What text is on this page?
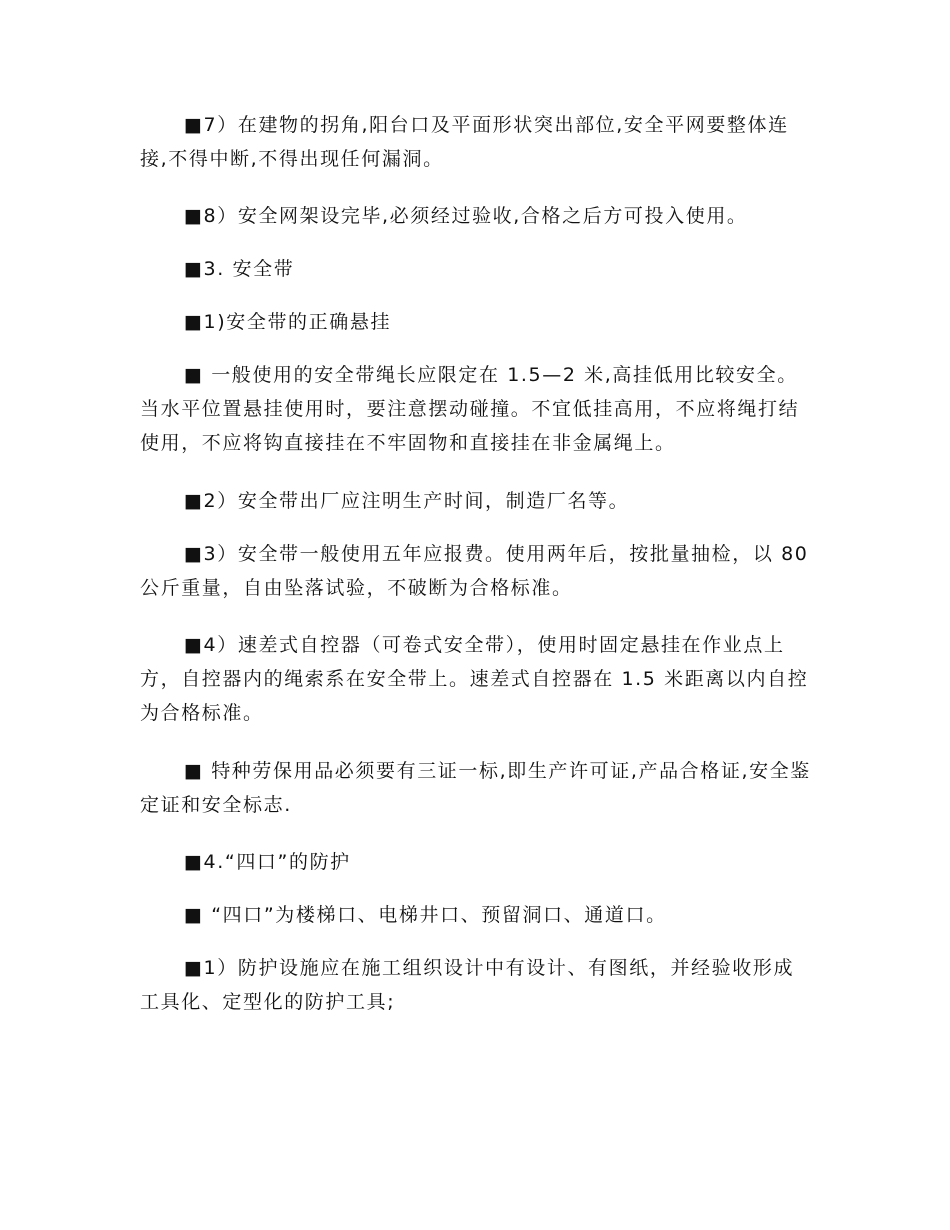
■7）在建物的拐角,阳台口及平面形状突出部位,安全平网要整体连接,不得中断,不得出现任何漏洞。

■8）安全网架设完毕,必须经过验收,合格之后方可投入使用。

■3. 安全带

■1)安全带的正确悬挂

■ 一般使用的安全带绳长应限定在 1.5—2 米,高挂低用比较安全。当水平位置悬挂使用时，要注意摆动碰撞。不宜低挂高用，不应将绳打结使用，不应将钩直接挂在不牢固物和直接挂在非金属绳上。

■2）安全带出厂应注明生产时间，制造厂名等。

■3）安全带一般使用五年应报费。使用两年后，按批量抽检，以 80 公斤重量，自由坠落试验，不破断为合格标准。

■4）速差式自控器（可卷式安全带），使用时固定悬挂在作业点上方，自控器内的绳索系在安全带上。速差式自控器在 1.5 米距离以内自控为合格标准。

■ 特种劳保用品必须要有三证一标,即生产许可证,产品合格证,安全鉴定证和安全标志.

■4.“四口”的防护

■ “四口”为楼梯口、电梯井口、预留洞口、通道口。

■1）防护设施应在施工组织设计中有设计、有图纸，并经验收形成工具化、定型化的防护工具;
